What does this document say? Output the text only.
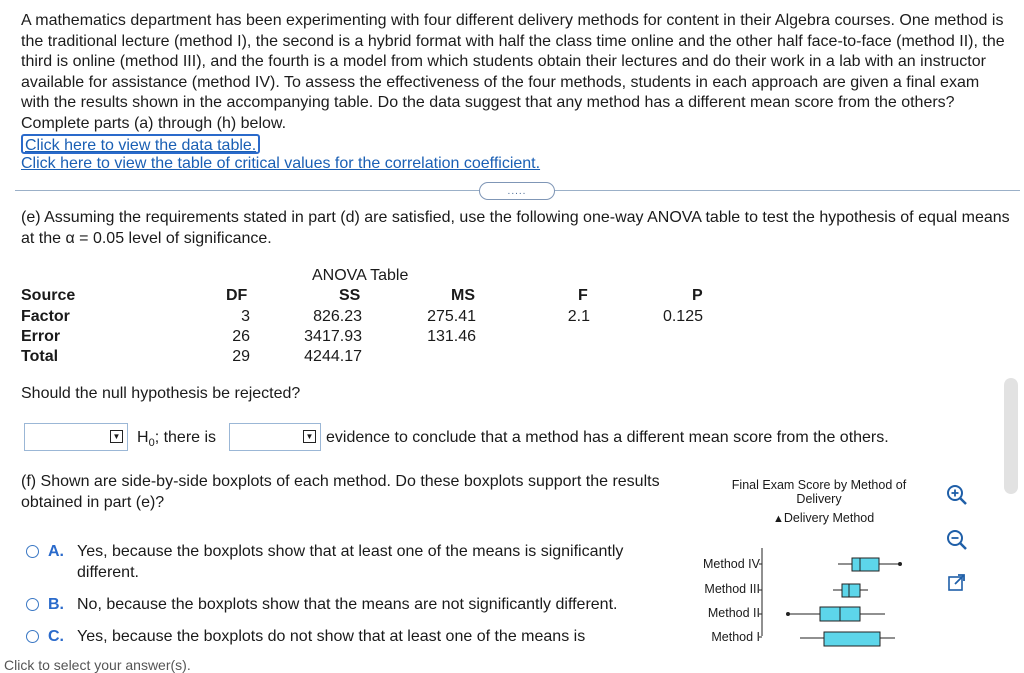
A mathematics department has been experimenting with four different delivery methods for content in their Algebra courses. One method is the traditional lecture (method I), the second is a hybrid format with half the class time online and the other half face-to-face (method II), the third is online (method III), and the fourth is a model from which students obtain their lectures and do their work in a lab with an instructor available for assistance (method IV). To assess the effectiveness of the four methods, students in each approach are given a final exam with the results shown in the accompanying table. Do the data suggest that any method has a different mean score from the others? Complete parts (a) through (h) below.
Click here to view the data table.
Click here to view the table of critical values for the correlation coefficient.
.....
(e) Assuming the requirements stated in part (d) are satisfied, use the following one-way ANOVA table to test the hypothesis of equal means at the α = 0.05 level of significance.
ANOVA Table
Source	DF	SS	MS	F	P
Factor	3	826.23	275.41	2.1	0.125
Error	26	3417.93	131.46
Total	29	4244.17
Should the null hypothesis be rejected?
▼ $H_0$; there is	▼ evidence to conclude that a method has a different mean score from the others.
(f) Shown are side-by-side boxplots of each method. Do these boxplots support the results obtained in part (e)?
A. Yes, because the boxplots show that at least one of the means is significantly different.
B. No, because the boxplots show that the means are not significantly different.
C. Yes, because the boxplots do not show that at least one of the means is
Final Exam Score by Method of Delivery
▲Delivery Method
Method IV
Method III
Method II
Method I
Click to select your answer(s).
